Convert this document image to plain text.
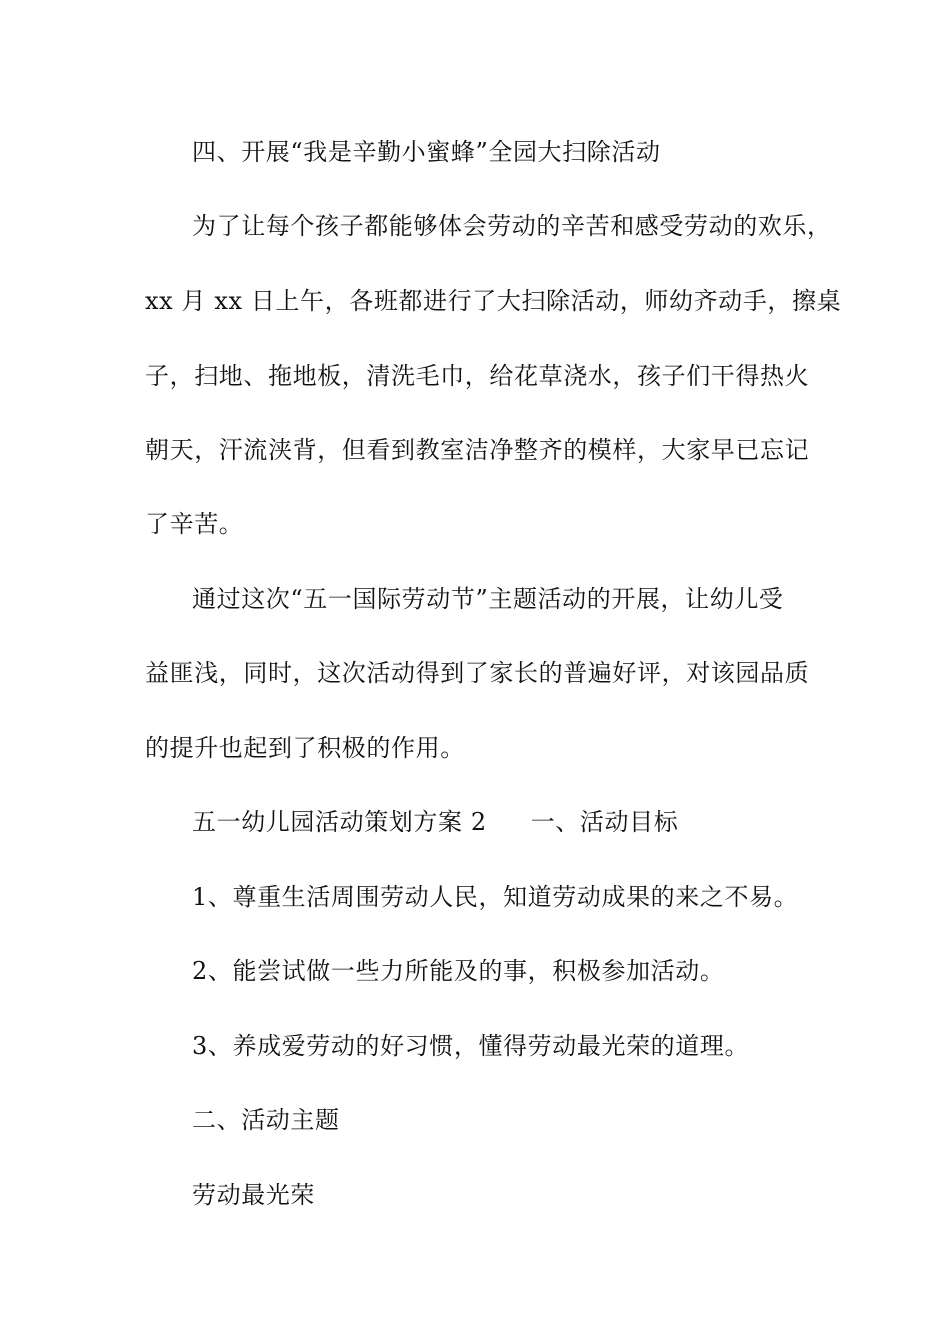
四、开展“我是辛勤小蜜蜂”全园大扫除活动
为了让每个孩子都能够体会劳动的辛苦和感受劳动的欢乐，
xx 月 xx 日上午，各班都进行了大扫除活动，师幼齐动手，擦桌
子，扫地、拖地板，清洗毛巾，给花草浇水，孩子们干得热火
朝天，汗流浃背，但看到教室洁净整齐的模样，大家早已忘记
了辛苦。
通过这次“五一国际劳动节”主题活动的开展，让幼儿受
益匪浅，同时，这次活动得到了家长的普遍好评，对该园品质
的提升也起到了积极的作用。
五一幼儿园活动策划方案 2 一、活动目标
1、尊重生活周围劳动人民，知道劳动成果的来之不易。
2、能尝试做一些力所能及的事，积极参加活动。
3、养成爱劳动的好习惯，懂得劳动最光荣的道理。
二、活动主题
劳动最光荣
